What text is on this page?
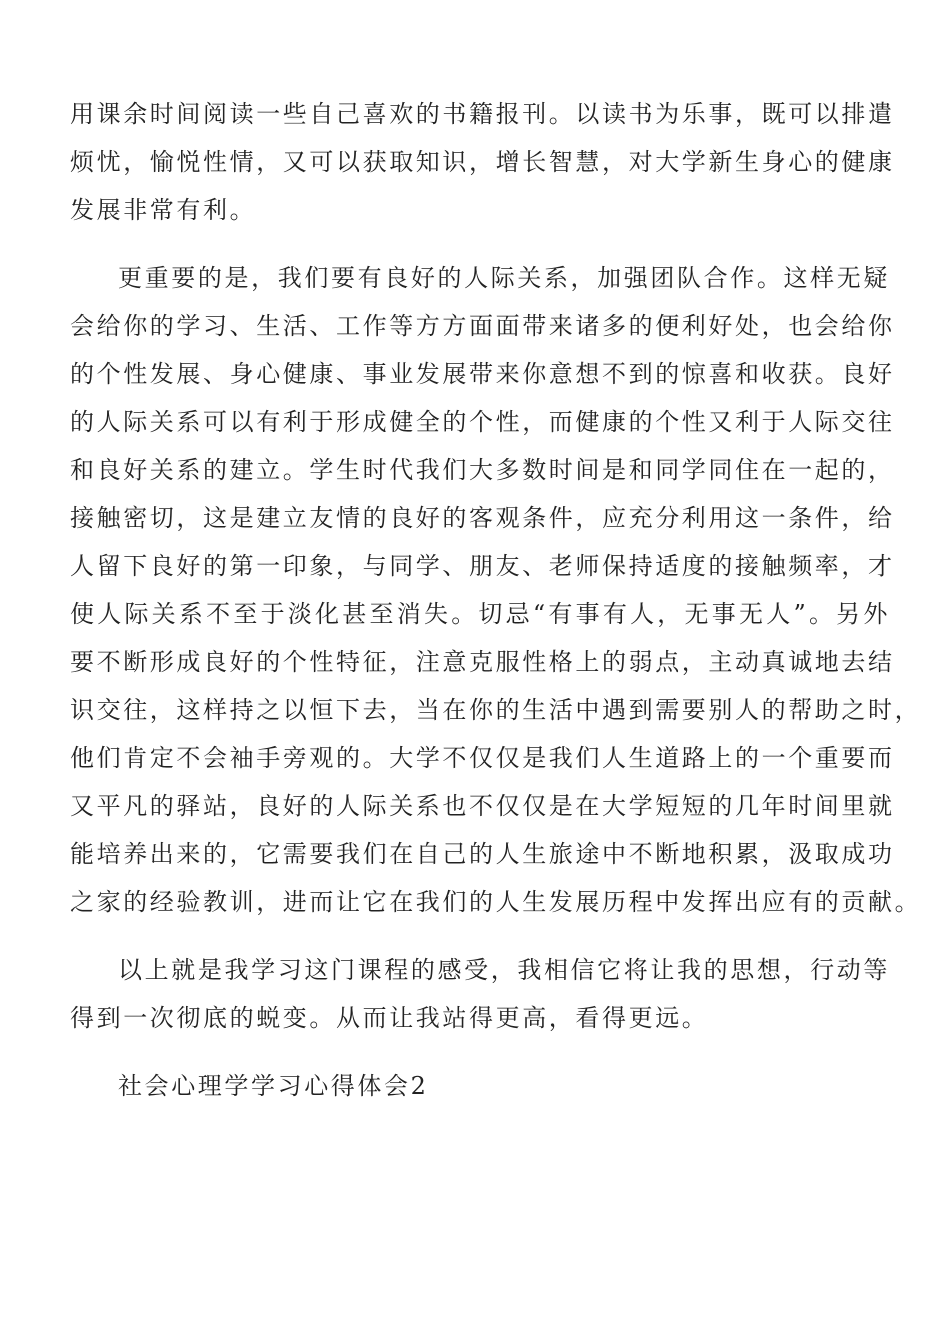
用课余时间阅读一些自己喜欢的书籍报刊。以读书为乐事，既可以排遣
烦忧，愉悦性情，又可以获取知识，增长智慧，对大学新生身心的健康
发展非常有利。
更重要的是，我们要有良好的人际关系，加强团队合作。这样无疑
会给你的学习、生活、工作等方方面面带来诸多的便利好处，也会给你
的个性发展、身心健康、事业发展带来你意想不到的惊喜和收获。良好
的人际关系可以有利于形成健全的个性，而健康的个性又利于人际交往
和良好关系的建立。学生时代我们大多数时间是和同学同住在一起的，
接触密切，这是建立友情的良好的客观条件，应充分利用这一条件，给
人留下良好的第一印象，与同学、朋友、老师保持适度的接触频率，才
使人际关系不至于淡化甚至消失。切忌“有事有人，无事无人”。另外
要不断形成良好的个性特征，注意克服性格上的弱点，主动真诚地去结
识交往，这样持之以恒下去，当在你的生活中遇到需要别人的帮助之时，
他们肯定不会袖手旁观的。大学不仅仅是我们人生道路上的一个重要而
又平凡的驿站，良好的人际关系也不仅仅是在大学短短的几年时间里就
能培养出来的，它需要我们在自己的人生旅途中不断地积累，汲取成功
之家的经验教训，进而让它在我们的人生发展历程中发挥出应有的贡献。
以上就是我学习这门课程的感受，我相信它将让我的思想，行动等
得到一次彻底的蜕变。从而让我站得更高，看得更远。
社会心理学学习心得体会2
